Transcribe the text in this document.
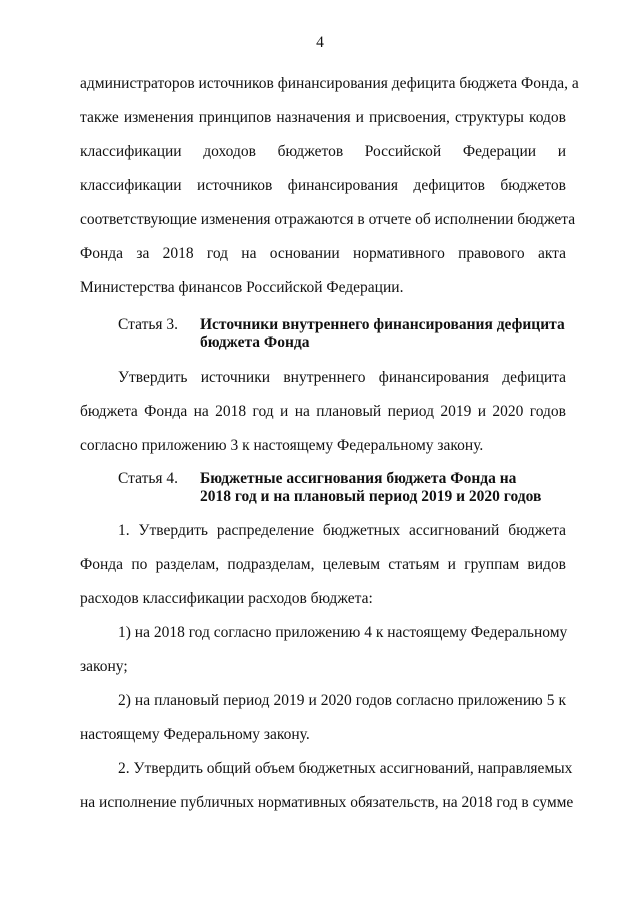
4
администраторов источников финансирования дефицита бюджета Фонда, а
также изменения принципов назначения и присвоения, структуры кодов
классификации доходов бюджетов Российской Федерации и
классификации источников финансирования дефицитов бюджетов
соответствующие изменения отражаются в отчете об исполнении бюджета
Фонда за 2018 год на основании нормативного правового акта
Министерства финансов Российской Федерации.
Статья 3. Источники внутреннего финансирования дефицита
бюджета Фонда
Утвердить источники внутреннего финансирования дефицита
бюджета Фонда на 2018 год и на плановый период 2019 и 2020 годов
согласно приложению 3 к настоящему Федеральному закону.
Статья 4. Бюджетные ассигнования бюджета Фонда на
2018 год и на плановый период 2019 и 2020 годов
1. Утвердить распределение бюджетных ассигнований бюджета
Фонда по разделам, подразделам, целевым статьям и группам видов
расходов классификации расходов бюджета:
1) на 2018 год согласно приложению 4 к настоящему Федеральному
закону;
2) на плановый период 2019 и 2020 годов согласно приложению 5 к
настоящему Федеральному закону.
2. Утвердить общий объем бюджетных ассигнований, направляемых
на исполнение публичных нормативных обязательств, на 2018 год в сумме
